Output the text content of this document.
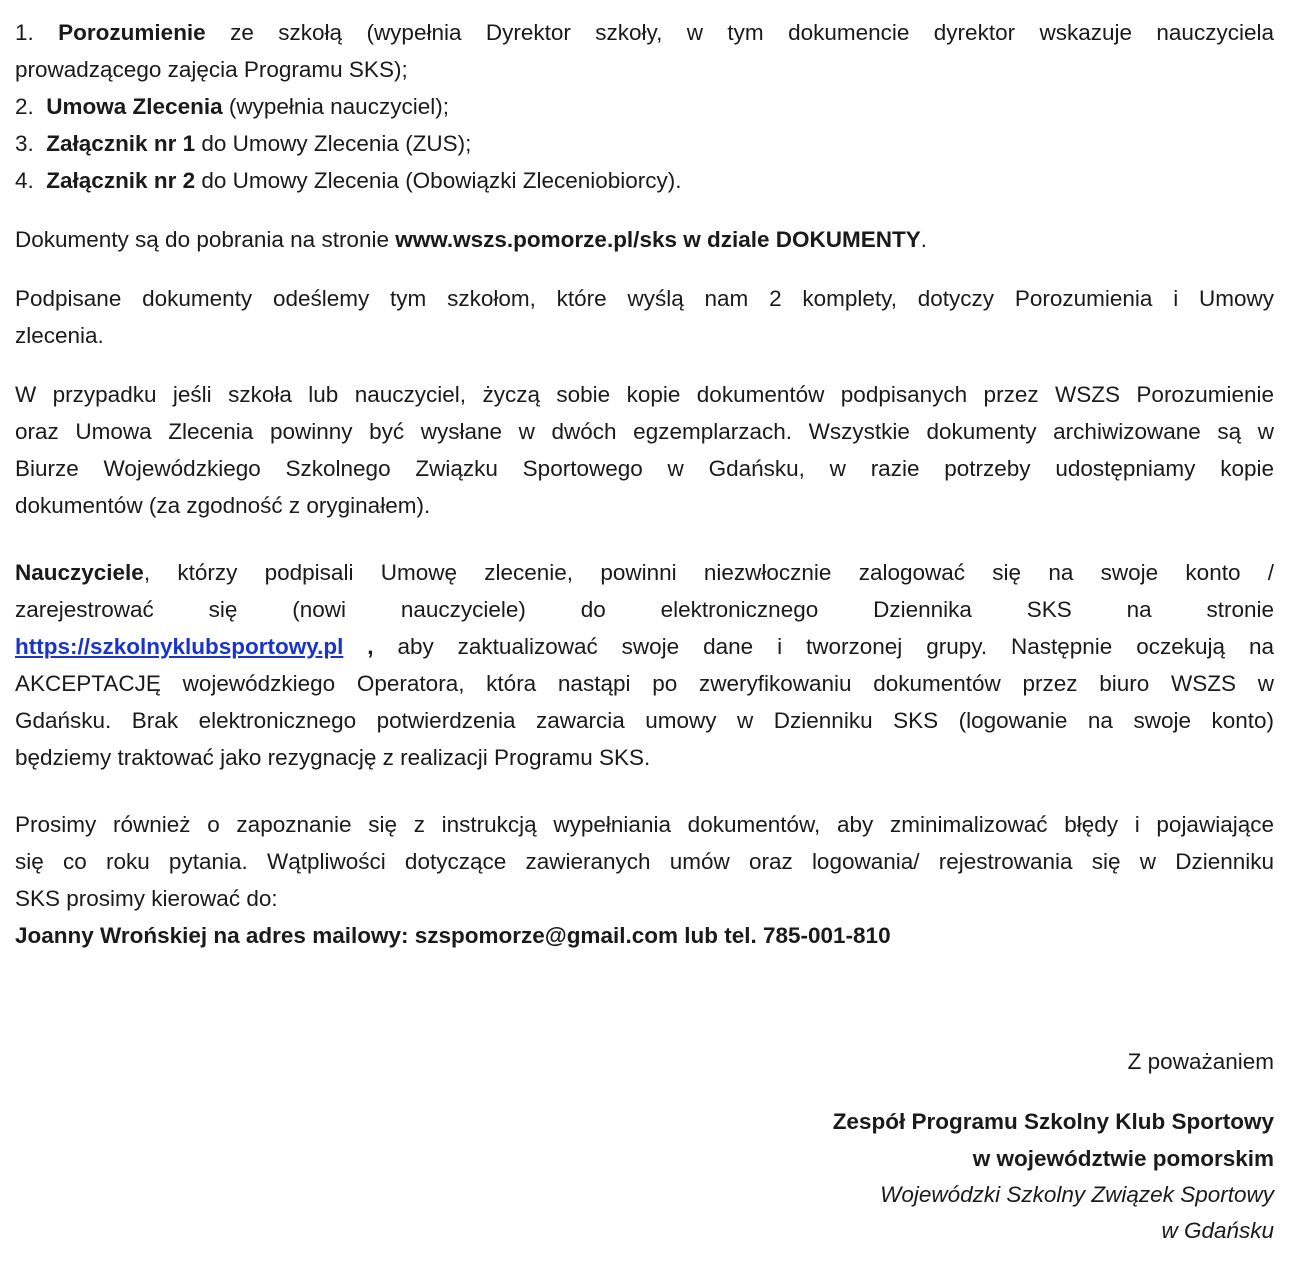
1. Porozumienie ze szkołą (wypełnia Dyrektor szkoły, w tym dokumencie dyrektor wskazuje nauczyciela
prowadzącego zajęcia Programu SKS);
2. Umowa Zlecenia (wypełnia nauczyciel);
3. Załącznik nr 1 do Umowy Zlecenia (ZUS);
4. Załącznik nr 2 do Umowy Zlecenia (Obowiązki Zleceniobiorcy).

Dokumenty są do pobrania na stronie www.wszs.pomorze.pl/sks w dziale DOKUMENTY.

Podpisane dokumenty odeślemy tym szkołom, które wyślą nam 2 komplety, dotyczy Porozumienia i Umowy
zlecenia.

W przypadku jeśli szkoła lub nauczyciel, życzą sobie kopie dokumentów podpisanych przez WSZS Porozumienie
oraz Umowa Zlecenia powinny być wysłane w dwóch egzemplarzach. Wszystkie dokumenty archiwizowane są w
Biurze Wojewódzkiego Szkolnego Związku Sportowego w Gdańsku, w razie potrzeby udostępniamy kopie
dokumentów (za zgodność z oryginałem).

Nauczyciele, którzy podpisali Umowę zlecenie, powinni niezwłocznie zalogować się na swoje konto /
zarejestrować się (nowi nauczyciele) do elektronicznego Dziennika SKS na stronie
https://szkolnyklubsportowy.pl , aby zaktualizować swoje dane i tworzonej grupy. Następnie oczekują na
AKCEPTACJĘ wojewódzkiego Operatora, która nastąpi po zweryfikowaniu dokumentów przez biuro WSZS w
Gdańsku. Brak elektronicznego potwierdzenia zawarcia umowy w Dzienniku SKS (logowanie na swoje konto)
będziemy traktować jako rezygnację z realizacji Programu SKS.

Prosimy również o zapoznanie się z instrukcją wypełniania dokumentów, aby zminimalizować błędy i pojawiające
się co roku pytania. Wątpliwości dotyczące zawieranych umów oraz logowania/ rejestrowania się w Dzienniku
SKS prosimy kierować do:
Joanny Wrońskiej na adres mailowy: szspomorze@gmail.com lub tel. 785-001-810

Z poważaniem
Zespół Programu Szkolny Klub Sportowy
w województwie pomorskim
Wojewódzki Szkolny Związek Sportowy
w Gdańsku
